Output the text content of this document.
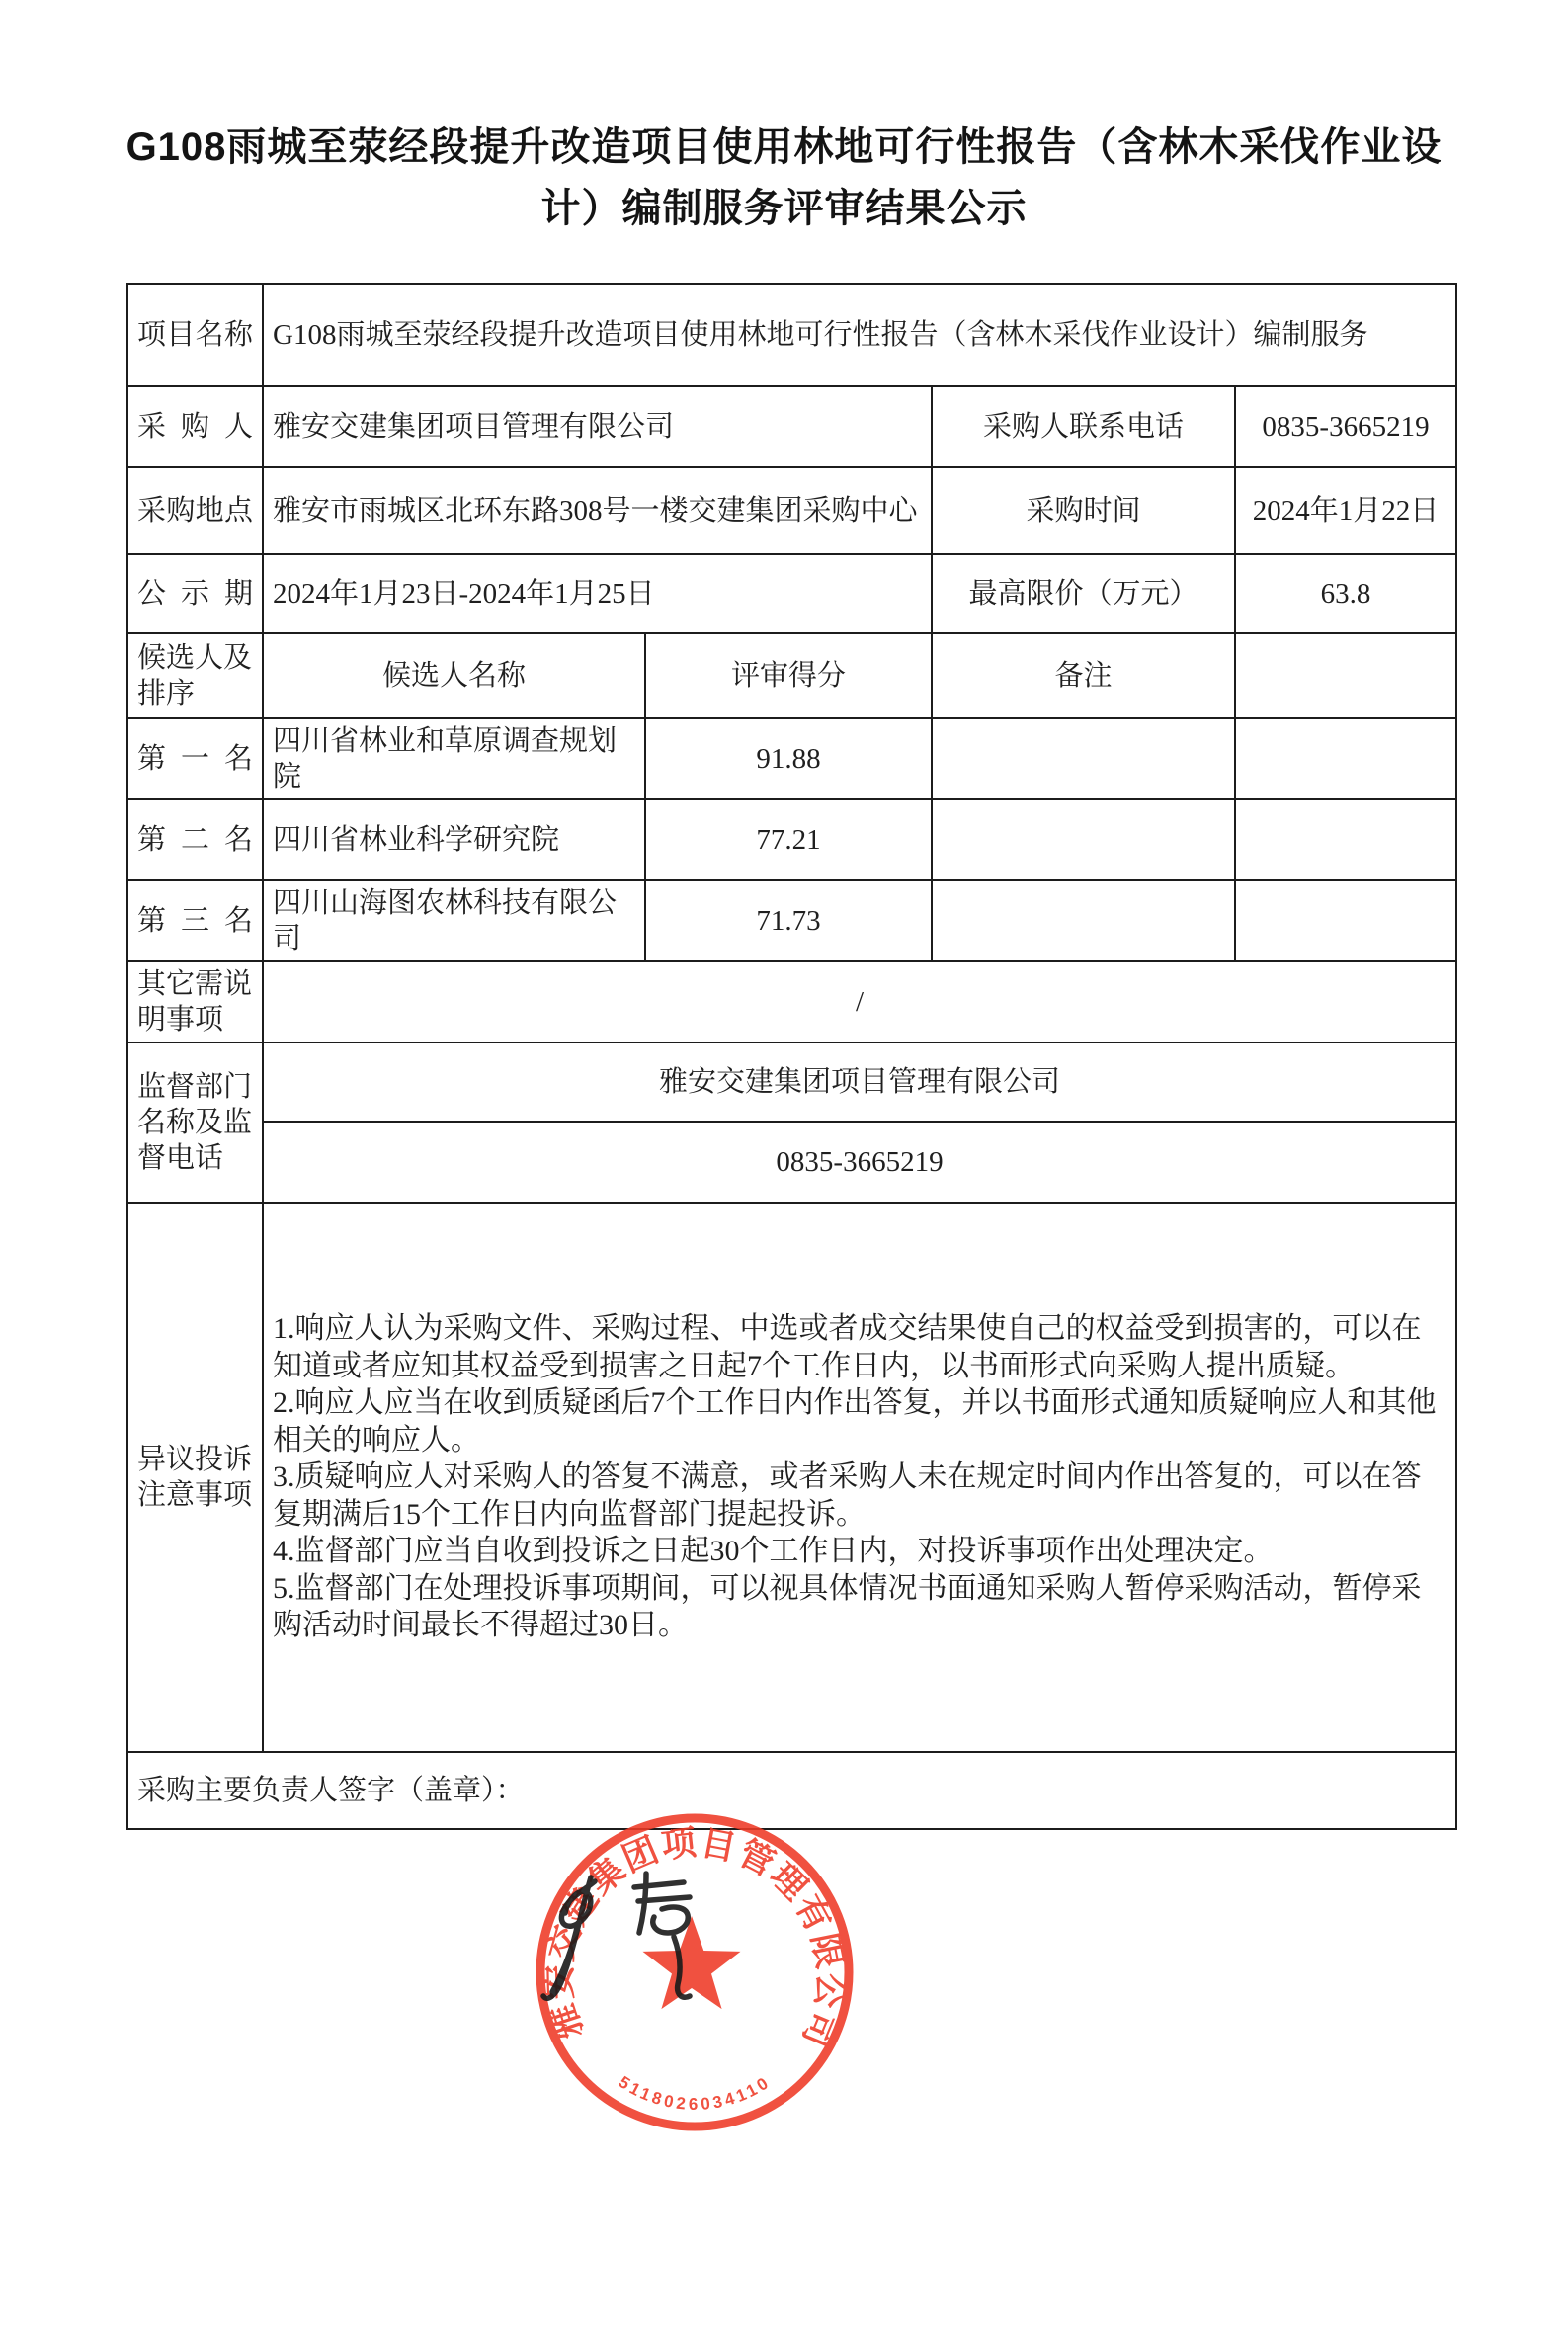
G108雨城至荥经段提升改造项目使用林地可行性报告（含林木采伐作业设
计）编制服务评审结果公示
项目名称	G108雨城至荥经段提升改造项目使用林地可行性报告（含林木采伐作业设计）编制服务			
采购人	雅安交建集团项目管理有限公司		采购人联系电话	0835-3665219
采购地点	雅安市雨城区北环东路308号一楼交建集团采购中心		采购时间	2024年1月22日
公示期	2024年1月23日-2024年1月25日		最高限价（万元）	63.8
候选人及排序	候选人名称	评审得分	备注	
第一名	四川省林业和草原调查规划院	91.88		
第二名	四川省林业科学研究院	77.21		
第三名	四川山海图农林科技有限公司	71.73		
其它需说明事项	/			
监督部门名称及监督电话	雅安交建集团项目管理有限公司			
	0835-3665219			
异议投诉注意事项	1.响应人认为采购文件、采购过程、中选或者成交结果使自己的权益受到损害的，可以在知道或者应知其权益受到损害之日起7个工作日内，以书面形式向采购人提出质疑。

2.响应人应当在收到质疑函后7个工作日内作出答复，并以书面形式通知质疑响应人和其他相关的响应人。

3.质疑响应人对采购人的答复不满意，或者采购人未在规定时间内作出答复的，可以在答复期满后15个工作日内向监督部门提起投诉。

4.监督部门应当自收到投诉之日起30个工作日内，对投诉事项作出处理决定。

5.监督部门在处理投诉事项期间，可以视具体情况书面通知采购人暂停采购活动，暂停采购活动时间最长不得超过30日。			

采购主要负责人签字（盖章）：				
雅安交建集团项目管理有限公司
5118026034110
